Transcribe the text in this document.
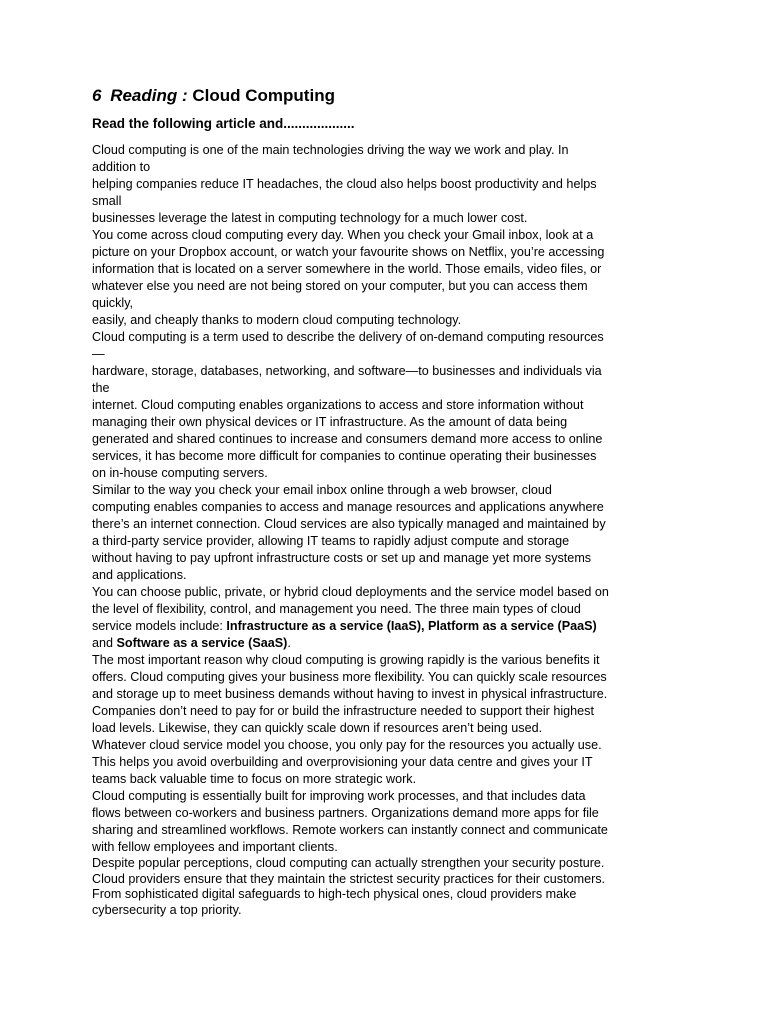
6 Reading : Cloud Computing

Read the following article and...................

Cloud computing is one of the main technologies driving the way we work and play. In
addition to
helping companies reduce IT headaches, the cloud also helps boost productivity and helps
small
businesses leverage the latest in computing technology for a much lower cost.
You come across cloud computing every day. When you check your Gmail inbox, look at a
picture on your Dropbox account, or watch your favourite shows on Netflix, you’re accessing
information that is located on a server somewhere in the world. Those emails, video files, or
whatever else you need are not being stored on your computer, but you can access them
quickly,
easily, and cheaply thanks to modern cloud computing technology.
Cloud computing is a term used to describe the delivery of on-demand computing resources
—
hardware, storage, databases, networking, and software—to businesses and individuals via
the
internet. Cloud computing enables organizations to access and store information without
managing their own physical devices or IT infrastructure. As the amount of data being
generated and shared continues to increase and consumers demand more access to online
services, it has become more difficult for companies to continue operating their businesses
on in-house computing servers.
Similar to the way you check your email inbox online through a web browser, cloud
computing enables companies to access and manage resources and applications anywhere
there’s an internet connection. Cloud services are also typically managed and maintained by
a third-party service provider, allowing IT teams to rapidly adjust compute and storage
without having to pay upfront infrastructure costs or set up and manage yet more systems
and applications.
You can choose public, private, or hybrid cloud deployments and the service model based on
the level of flexibility, control, and management you need. The three main types of cloud
service models include: Infrastructure as a service (IaaS), Platform as a service (PaaS)
and Software as a service (SaaS).
The most important reason why cloud computing is growing rapidly is the various benefits it
offers. Cloud computing gives your business more flexibility. You can quickly scale resources
and storage up to meet business demands without having to invest in physical infrastructure.
Companies don’t need to pay for or build the infrastructure needed to support their highest
load levels. Likewise, they can quickly scale down if resources aren’t being used.
Whatever cloud service model you choose, you only pay for the resources you actually use.
This helps you avoid overbuilding and overprovisioning your data centre and gives your IT
teams back valuable time to focus on more strategic work.
Cloud computing is essentially built for improving work processes, and that includes data
flows between co-workers and business partners. Organizations demand more apps for file
sharing and streamlined workflows. Remote workers can instantly connect and communicate
with fellow employees and important clients.
Despite popular perceptions, cloud computing can actually strengthen your security posture.
Cloud providers ensure that they maintain the strictest security practices for their customers.
From sophisticated digital safeguards to high-tech physical ones, cloud providers make
cybersecurity a top priority.
